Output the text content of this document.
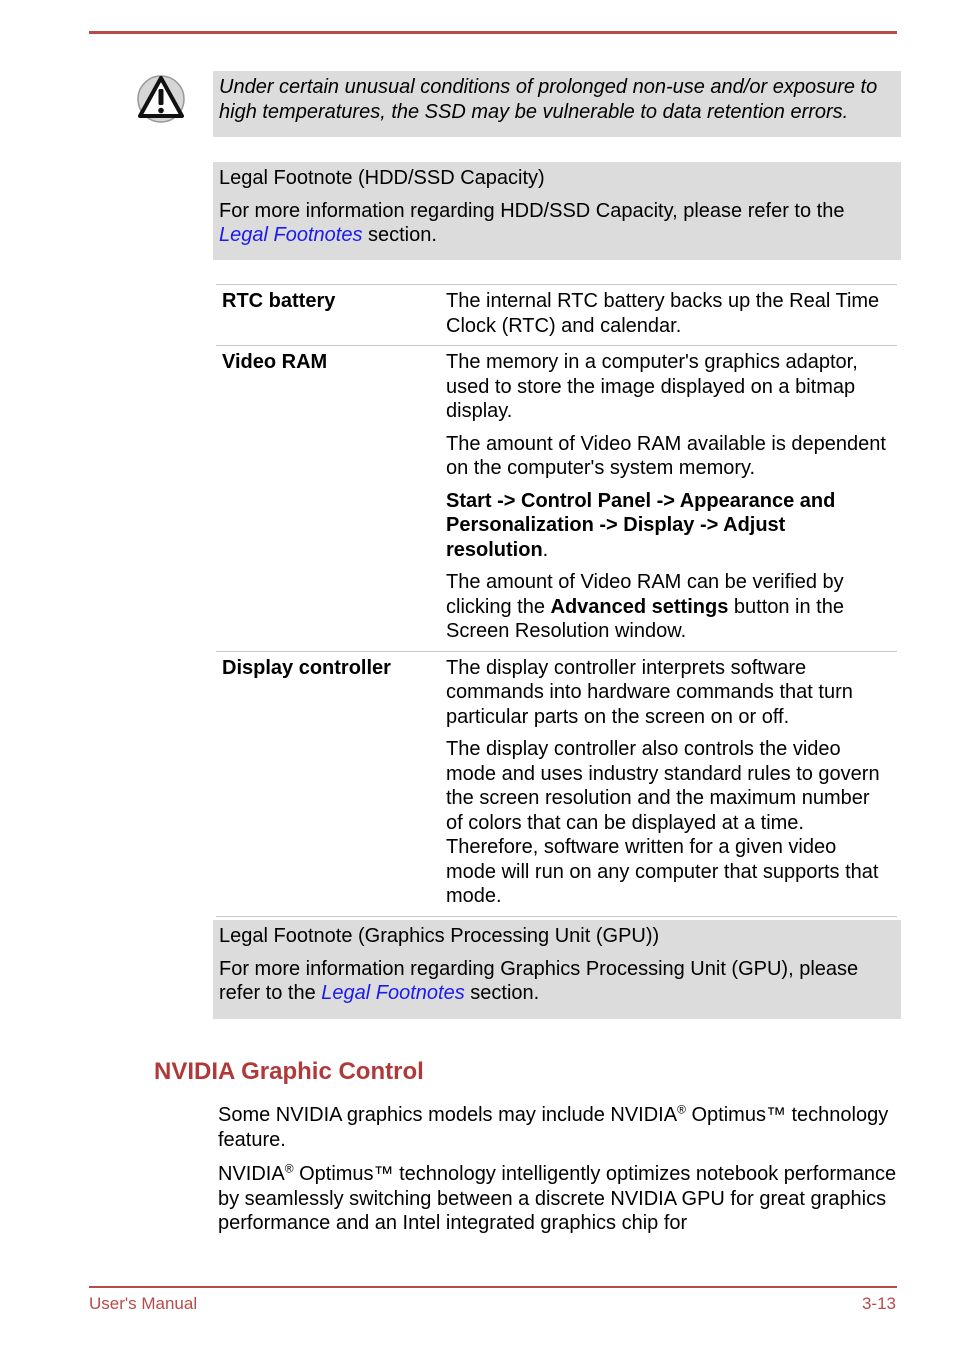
Under certain unusual conditions of prolonged non-use and/or exposure to high temperatures, the SSD may be vulnerable to data retention errors.

Legal Footnote (HDD/SSD Capacity)

For more information regarding HDD/SSD Capacity, please refer to the Legal Footnotes section.

RTC battery	The internal RTC battery backs up the Real Time Clock (RTC) and calendar.

Video RAM	The memory in a computer's graphics adaptor, used to store the image displayed on a bitmap display.

The amount of Video RAM available is dependent on the computer's system memory.

Start -> Control Panel -> Appearance and Personalization -> Display -> Adjust resolution.

The amount of Video RAM can be verified by clicking the Advanced settings button in the Screen Resolution window.

Display controller	The display controller interprets software commands into hardware commands that turn particular parts on the screen on or off.

The display controller also controls the video mode and uses industry standard rules to govern the screen resolution and the maximum number of colors that can be displayed at a time. Therefore, software written for a given video mode will run on any computer that supports that mode.

Legal Footnote (Graphics Processing Unit (GPU))

For more information regarding Graphics Processing Unit (GPU), please refer to the Legal Footnotes section.

NVIDIA Graphic Control

Some NVIDIA graphics models may include NVIDIA® Optimus™ technology feature.

NVIDIA® Optimus™ technology intelligently optimizes notebook performance by seamlessly switching between a discrete NVIDIA GPU for great graphics performance and an Intel integrated graphics chip for

User's Manual	3-13
